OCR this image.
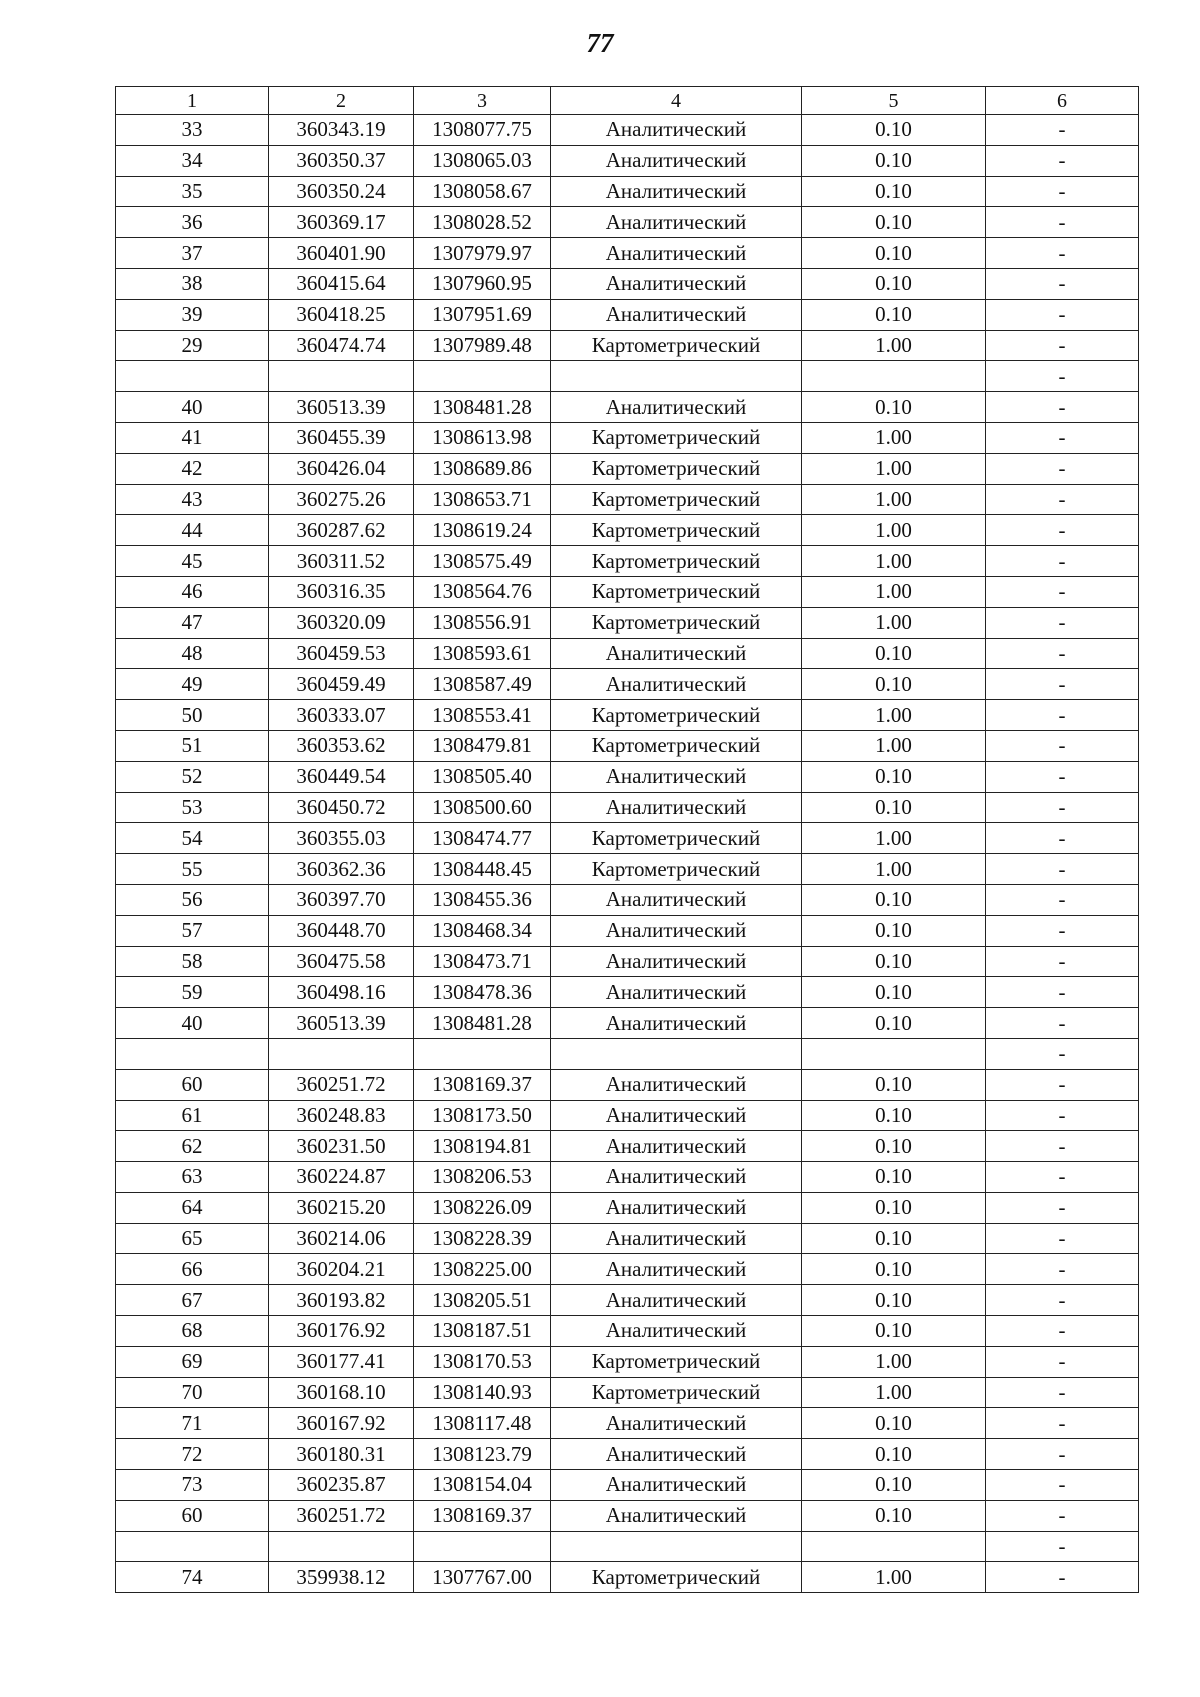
77
1	2	3	4	5	6
33	360343.19	1308077.75	Аналитический	0.10	-
34	360350.37	1308065.03	Аналитический	0.10	-
35	360350.24	1308058.67	Аналитический	0.10	-
36	360369.17	1308028.52	Аналитический	0.10	-
37	360401.90	1307979.97	Аналитический	0.10	-
38	360415.64	1307960.95	Аналитический	0.10	-
39	360418.25	1307951.69	Аналитический	0.10	-
29	360474.74	1307989.48	Картометрический	1.00	-
					-
40	360513.39	1308481.28	Аналитический	0.10	-
41	360455.39	1308613.98	Картометрический	1.00	-
42	360426.04	1308689.86	Картометрический	1.00	-
43	360275.26	1308653.71	Картометрический	1.00	-
44	360287.62	1308619.24	Картометрический	1.00	-
45	360311.52	1308575.49	Картометрический	1.00	-
46	360316.35	1308564.76	Картометрический	1.00	-
47	360320.09	1308556.91	Картометрический	1.00	-
48	360459.53	1308593.61	Аналитический	0.10	-
49	360459.49	1308587.49	Аналитический	0.10	-
50	360333.07	1308553.41	Картометрический	1.00	-
51	360353.62	1308479.81	Картометрический	1.00	-
52	360449.54	1308505.40	Аналитический	0.10	-
53	360450.72	1308500.60	Аналитический	0.10	-
54	360355.03	1308474.77	Картометрический	1.00	-
55	360362.36	1308448.45	Картометрический	1.00	-
56	360397.70	1308455.36	Аналитический	0.10	-
57	360448.70	1308468.34	Аналитический	0.10	-
58	360475.58	1308473.71	Аналитический	0.10	-
59	360498.16	1308478.36	Аналитический	0.10	-
40	360513.39	1308481.28	Аналитический	0.10	-
					-
60	360251.72	1308169.37	Аналитический	0.10	-
61	360248.83	1308173.50	Аналитический	0.10	-
62	360231.50	1308194.81	Аналитический	0.10	-
63	360224.87	1308206.53	Аналитический	0.10	-
64	360215.20	1308226.09	Аналитический	0.10	-
65	360214.06	1308228.39	Аналитический	0.10	-
66	360204.21	1308225.00	Аналитический	0.10	-
67	360193.82	1308205.51	Аналитический	0.10	-
68	360176.92	1308187.51	Аналитический	0.10	-
69	360177.41	1308170.53	Картометрический	1.00	-
70	360168.10	1308140.93	Картометрический	1.00	-
71	360167.92	1308117.48	Аналитический	0.10	-
72	360180.31	1308123.79	Аналитический	0.10	-
73	360235.87	1308154.04	Аналитический	0.10	-
60	360251.72	1308169.37	Аналитический	0.10	-
					-
74	359938.12	1307767.00	Картометрический	1.00	-
